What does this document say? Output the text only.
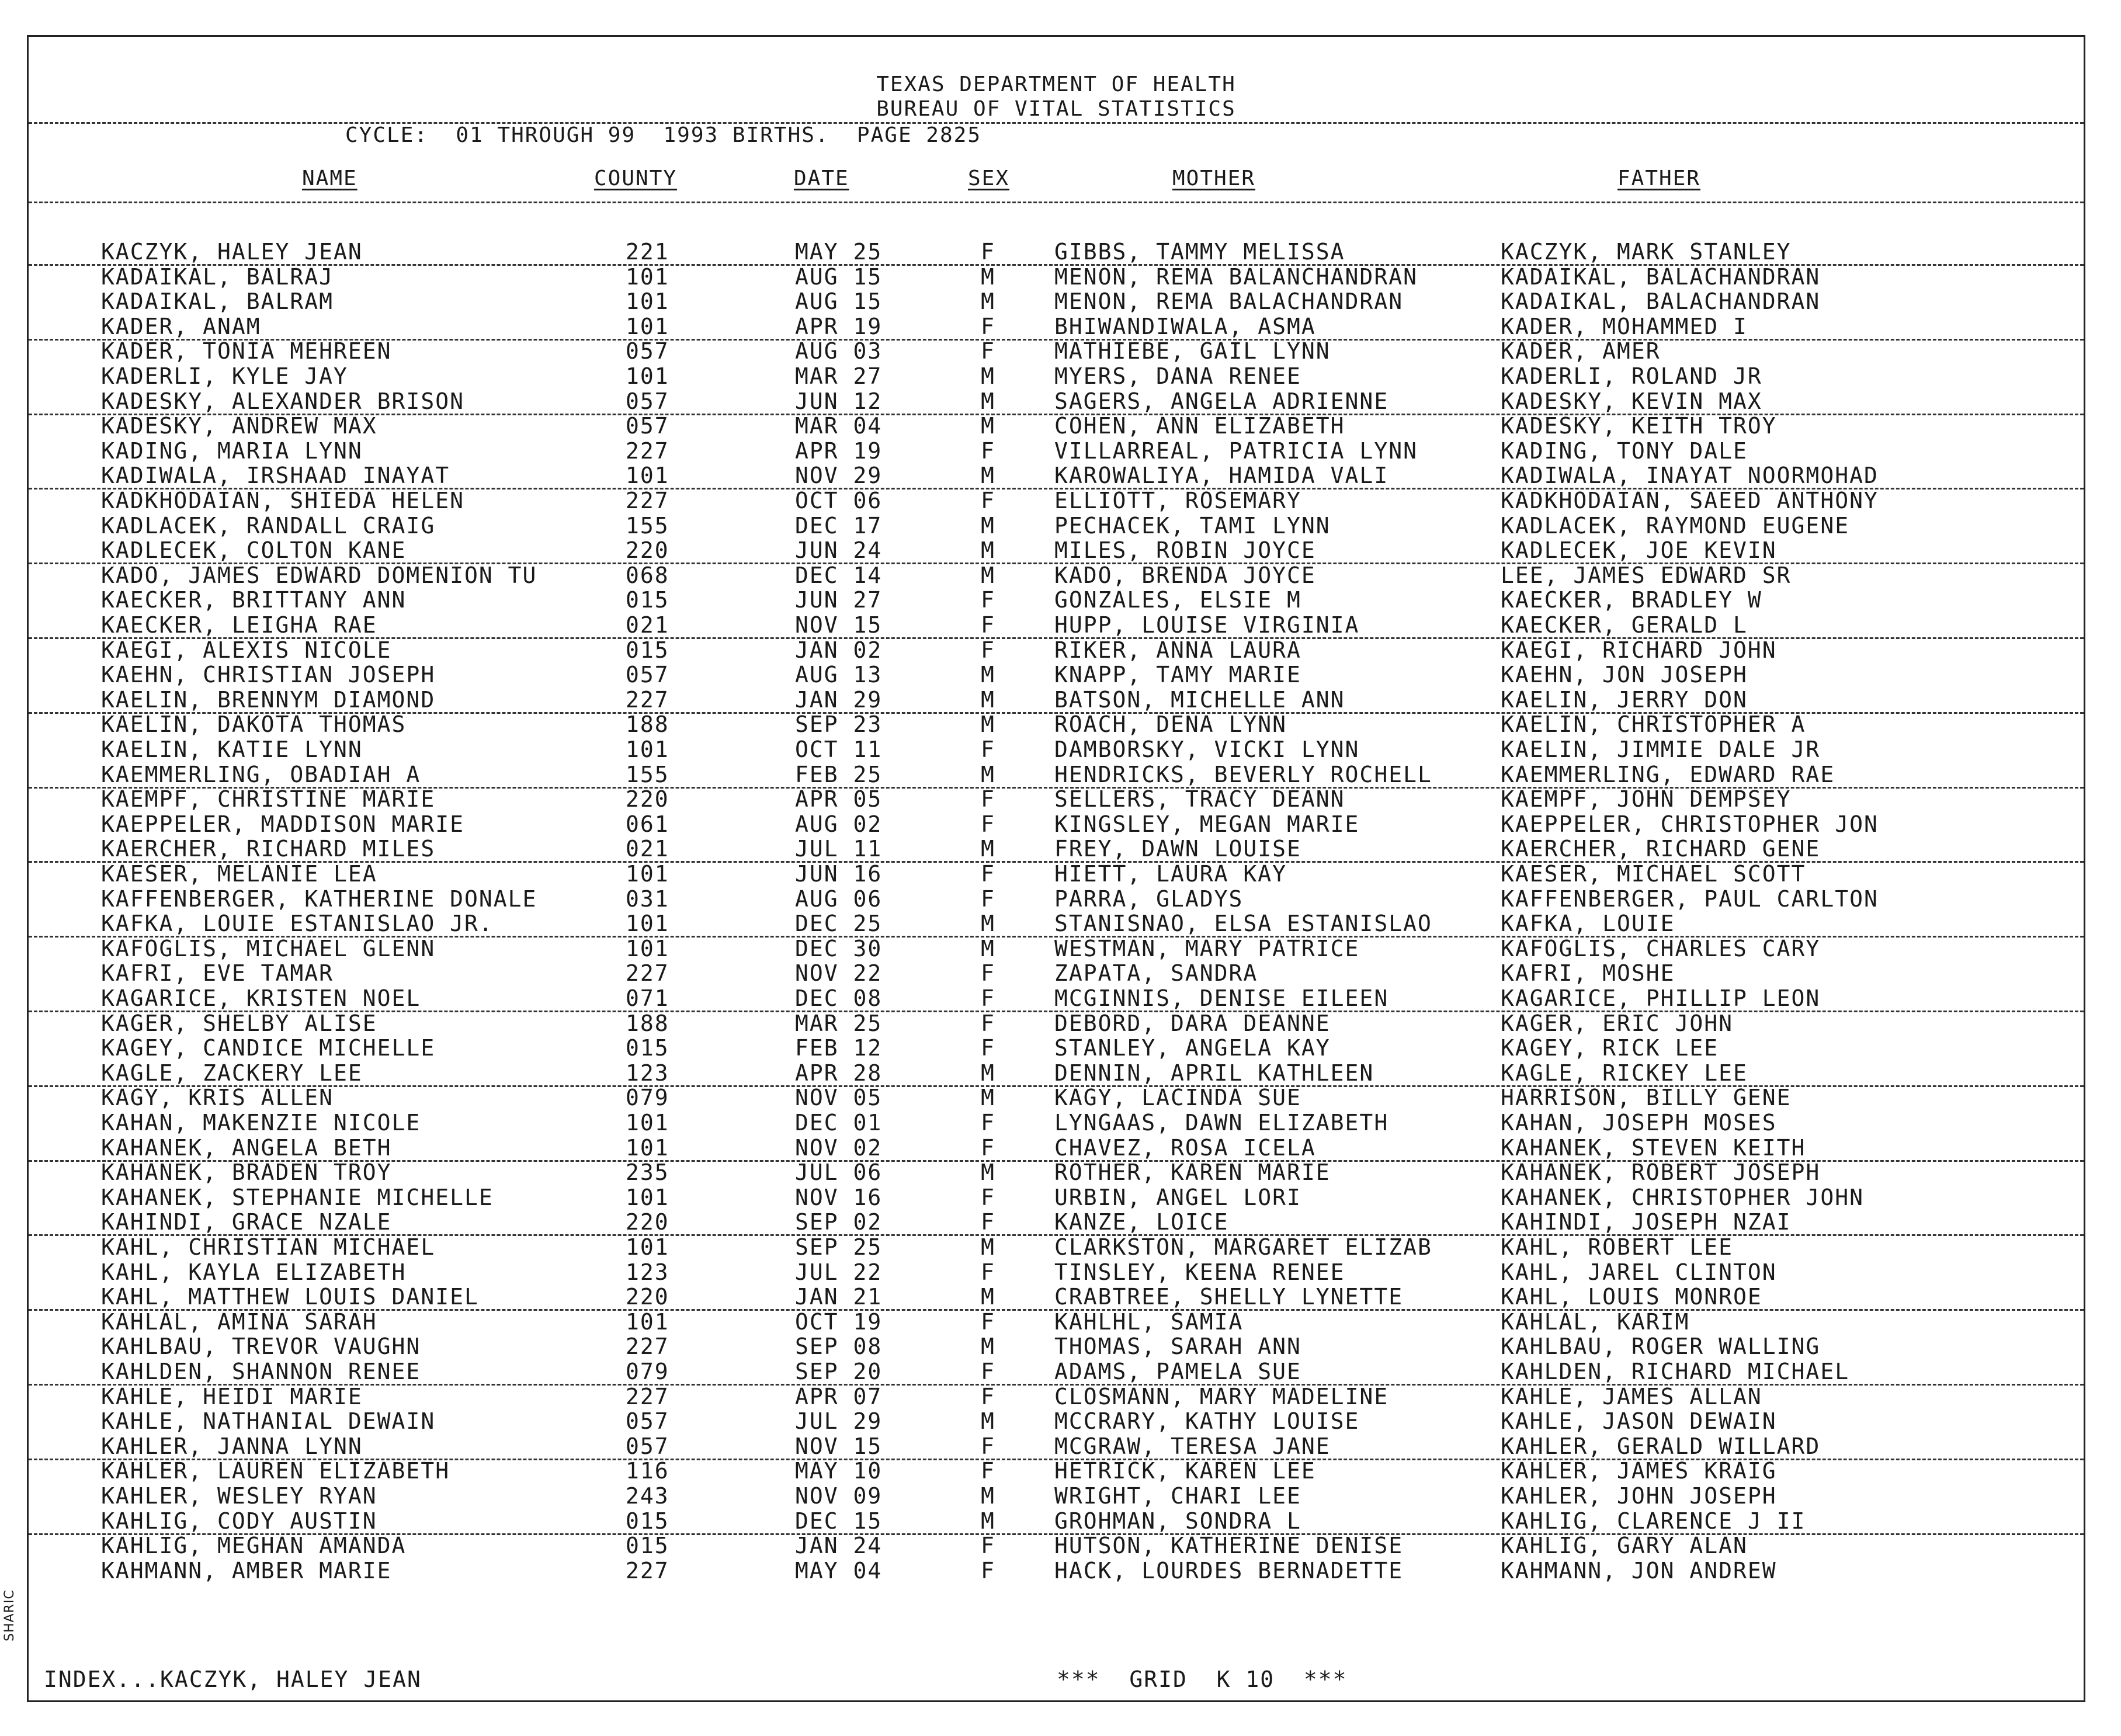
TEXAS DEPARTMENT OF HEALTH
BUREAU OF VITAL STATISTICS
CYCLE:  01 THROUGH 99  1993 BIRTHS.  PAGE 2825
NAME	COUNTY	DATE	SEX	MOTHER	FATHER
KACZYK, HALEY JEAN	221	MAY 25	F	GIBBS, TAMMY MELISSA	KACZYK, MARK STANLEY
KADAIKAL, BALRAJ	101	AUG 15	M	MENON, REMA BALANCHANDRAN	KADAIKAL, BALACHANDRAN
KADAIKAL, BALRAM	101	AUG 15	M	MENON, REMA BALACHANDRAN	KADAIKAL, BALACHANDRAN
KADER, ANAM	101	APR 19	F	BHIWANDIWALA, ASMA	KADER, MOHAMMED I
KADER, TONIA MEHREEN	057	AUG 03	F	MATHIEBE, GAIL LYNN	KADER, AMER
KADERLI, KYLE JAY	101	MAR 27	M	MYERS, DANA RENEE	KADERLI, ROLAND JR
KADESKY, ALEXANDER BRISON	057	JUN 12	M	SAGERS, ANGELA ADRIENNE	KADESKY, KEVIN MAX
KADESKY, ANDREW MAX	057	MAR 04	M	COHEN, ANN ELIZABETH	KADESKY, KEITH TROY
KADING, MARIA LYNN	227	APR 19	F	VILLARREAL, PATRICIA LYNN	KADING, TONY DALE
KADIWALA, IRSHAAD INAYAT	101	NOV 29	M	KAROWALIYA, HAMIDA VALI	KADIWALA, INAYAT NOORMOHAD
KADKHODAIAN, SHIEDA HELEN	227	OCT 06	F	ELLIOTT, ROSEMARY	KADKHODAIAN, SAEED ANTHONY
KADLACEK, RANDALL CRAIG	155	DEC 17	M	PECHACEK, TAMI LYNN	KADLACEK, RAYMOND EUGENE
KADLECEK, COLTON KANE	220	JUN 24	M	MILES, ROBIN JOYCE	KADLECEK, JOE KEVIN
KADO, JAMES EDWARD DOMENION TU	068	DEC 14	M	KADO, BRENDA JOYCE	LEE, JAMES EDWARD SR
KAECKER, BRITTANY ANN	015	JUN 27	F	GONZALES, ELSIE M	KAECKER, BRADLEY W
KAECKER, LEIGHA RAE	021	NOV 15	F	HUPP, LOUISE VIRGINIA	KAECKER, GERALD L
KAEGI, ALEXIS NICOLE	015	JAN 02	F	RIKER, ANNA LAURA	KAEGI, RICHARD JOHN
KAEHN, CHRISTIAN JOSEPH	057	AUG 13	M	KNAPP, TAMY MARIE	KAEHN, JON JOSEPH
KAELIN, BRENNYM DIAMOND	227	JAN 29	M	BATSON, MICHELLE ANN	KAELIN, JERRY DON
KAELIN, DAKOTA THOMAS	188	SEP 23	M	ROACH, DENA LYNN	KAELIN, CHRISTOPHER A
KAELIN, KATIE LYNN	101	OCT 11	F	DAMBORSKY, VICKI LYNN	KAELIN, JIMMIE DALE JR
KAEMMERLING, OBADIAH A	155	FEB 25	M	HENDRICKS, BEVERLY ROCHELL	KAEMMERLING, EDWARD RAE
KAEMPF, CHRISTINE MARIE	220	APR 05	F	SELLERS, TRACY DEANN	KAEMPF, JOHN DEMPSEY
KAEPPELER, MADDISON MARIE	061	AUG 02	F	KINGSLEY, MEGAN MARIE	KAEPPELER, CHRISTOPHER JON
KAERCHER, RICHARD MILES	021	JUL 11	M	FREY, DAWN LOUISE	KAERCHER, RICHARD GENE
KAESER, MELANIE LEA	101	JUN 16	F	HIETT, LAURA KAY	KAESER, MICHAEL SCOTT
KAFFENBERGER, KATHERINE DONALE	031	AUG 06	F	PARRA, GLADYS	KAFFENBERGER, PAUL CARLTON
KAFKA, LOUIE ESTANISLAO JR.	101	DEC 25	M	STANISNAO, ELSA ESTANISLAO	KAFKA, LOUIE
KAFOGLIS, MICHAEL GLENN	101	DEC 30	M	WESTMAN, MARY PATRICE	KAFOGLIS, CHARLES CARY
KAFRI, EVE TAMAR	227	NOV 22	F	ZAPATA, SANDRA	KAFRI, MOSHE
KAGARICE, KRISTEN NOEL	071	DEC 08	F	MCGINNIS, DENISE EILEEN	KAGARICE, PHILLIP LEON
KAGER, SHELBY ALISE	188	MAR 25	F	DEBORD, DARA DEANNE	KAGER, ERIC JOHN
KAGEY, CANDICE MICHELLE	015	FEB 12	F	STANLEY, ANGELA KAY	KAGEY, RICK LEE
KAGLE, ZACKERY LEE	123	APR 28	M	DENNIN, APRIL KATHLEEN	KAGLE, RICKEY LEE
KAGY, KRIS ALLEN	079	NOV 05	M	KAGY, LACINDA SUE	HARRISON, BILLY GENE
KAHAN, MAKENZIE NICOLE	101	DEC 01	F	LYNGAAS, DAWN ELIZABETH	KAHAN, JOSEPH MOSES
KAHANEK, ANGELA BETH	101	NOV 02	F	CHAVEZ, ROSA ICELA	KAHANEK, STEVEN KEITH
KAHANEK, BRADEN TROY	235	JUL 06	M	ROTHER, KAREN MARIE	KAHANEK, ROBERT JOSEPH
KAHANEK, STEPHANIE MICHELLE	101	NOV 16	F	URBIN, ANGEL LORI	KAHANEK, CHRISTOPHER JOHN
KAHINDI, GRACE NZALE	220	SEP 02	F	KANZE, LOICE	KAHINDI, JOSEPH NZAI
KAHL, CHRISTIAN MICHAEL	101	SEP 25	M	CLARKSTON, MARGARET ELIZAB	KAHL, ROBERT LEE
KAHL, KAYLA ELIZABETH	123	JUL 22	F	TINSLEY, KEENA RENEE	KAHL, JAREL CLINTON
KAHL, MATTHEW LOUIS DANIEL	220	JAN 21	M	CRABTREE, SHELLY LYNETTE	KAHL, LOUIS MONROE
KAHLAL, AMINA SARAH	101	OCT 19	F	KAHLHL, SAMIA	KAHLAL, KARIM
KAHLBAU, TREVOR VAUGHN	227	SEP 08	M	THOMAS, SARAH ANN	KAHLBAU, ROGER WALLING
KAHLDEN, SHANNON RENEE	079	SEP 20	F	ADAMS, PAMELA SUE	KAHLDEN, RICHARD MICHAEL
KAHLE, HEIDI MARIE	227	APR 07	F	CLOSMANN, MARY MADELINE	KAHLE, JAMES ALLAN
KAHLE, NATHANIAL DEWAIN	057	JUL 29	M	MCCRARY, KATHY LOUISE	KAHLE, JASON DEWAIN
KAHLER, JANNA LYNN	057	NOV 15	F	MCGRAW, TERESA JANE	KAHLER, GERALD WILLARD
KAHLER, LAUREN ELIZABETH	116	MAY 10	F	HETRICK, KAREN LEE	KAHLER, JAMES KRAIG
KAHLER, WESLEY RYAN	243	NOV 09	M	WRIGHT, CHARI LEE	KAHLER, JOHN JOSEPH
KAHLIG, CODY AUSTIN	015	DEC 15	M	GROHMAN, SONDRA L	KAHLIG, CLARENCE J II
KAHLIG, MEGHAN AMANDA	015	JAN 24	F	HUTSON, KATHERINE DENISE	KAHLIG, GARY ALAN
KAHMANN, AMBER MARIE	227	MAY 04	F	HACK, LOURDES BERNADETTE	KAHMANN, JON ANDREW
INDEX...KACZYK, HALEY JEAN	***  GRID  K 10  ***
SHARIC
